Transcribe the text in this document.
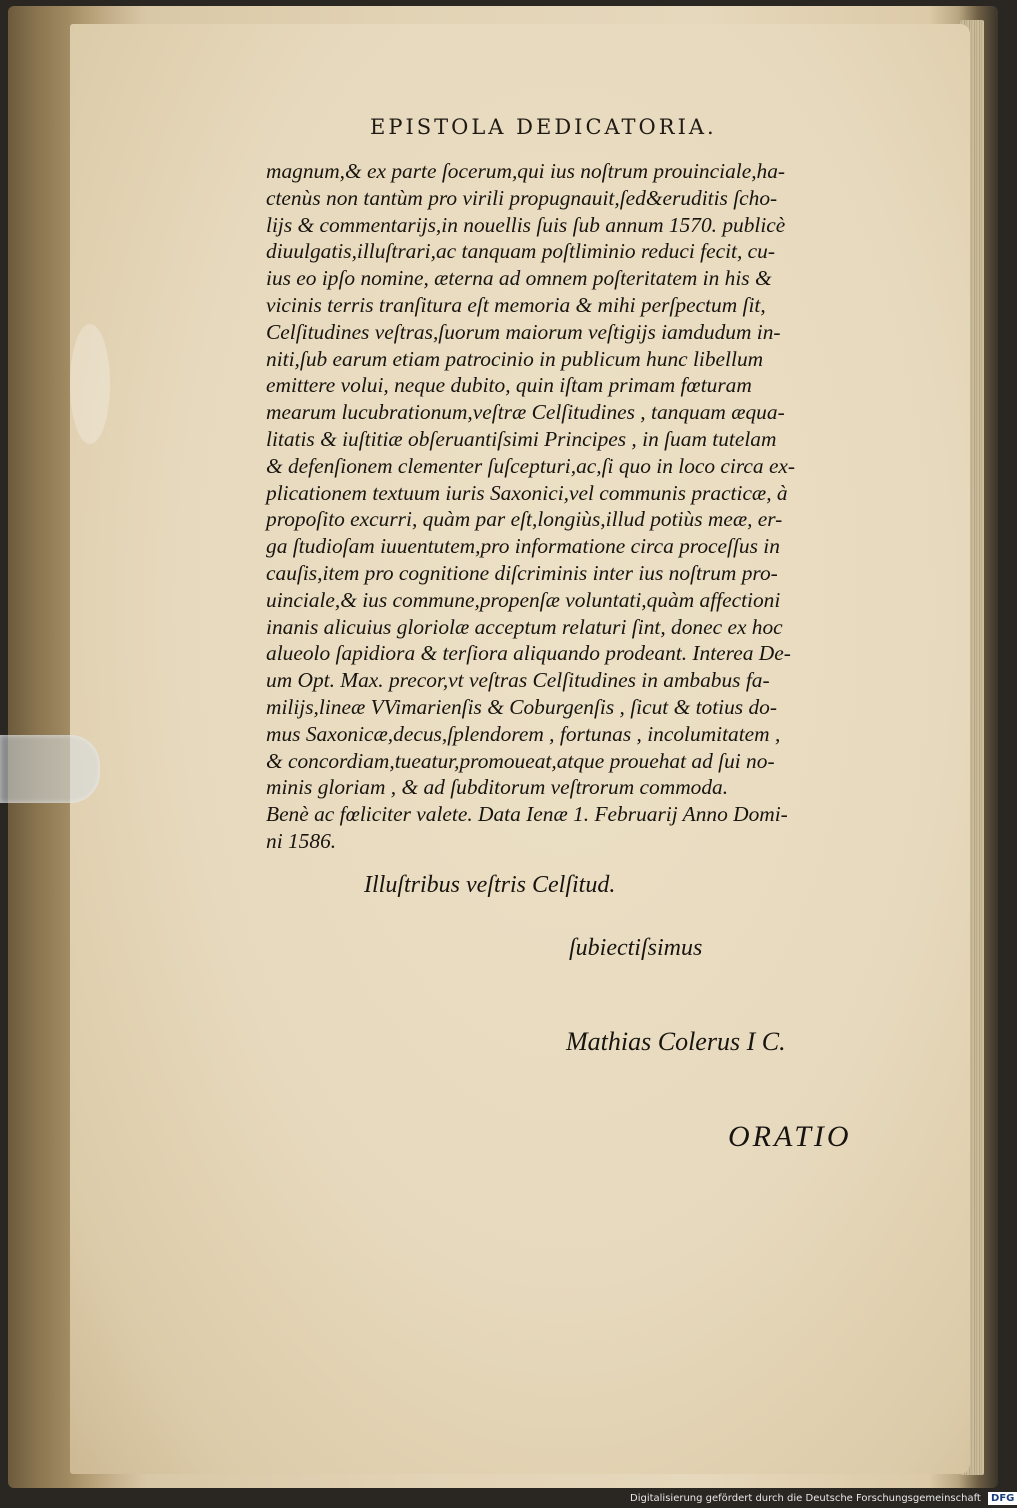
EPISTOLA DEDICATORIA.
magnum,& ex parte ſocerum,qui ius noſtrum prouinciale,ha-
ctenùs non tantùm pro virili propugnauit,ſed&eruditis ſcho-
lijs & commentarijs,in nouellis ſuis ſub annum 1570. publicè
diuulgatis,illuſtrari,ac tanquam poſtliminio reduci fecit, cu-
ius eo ipſo nomine, æterna ad omnem poſteritatem in his &
vicinis terris tranſitura eſt memoria & mihi perſpectum ſit,
Celſitudines veſtras,ſuorum maiorum veſtigijs iamdudum in-
niti,ſub earum etiam patrocinio in publicum hunc libellum
emittere volui, neque dubito, quin iſtam primam fœturam
mearum lucubrationum,veſtræ Celſitudines , tanquam æqua-
litatis & iuſtitiæ obſeruantiſsimi Principes , in ſuam tutelam
& defenſionem clementer ſuſcepturi,ac,ſi quo in loco circa ex-
plicationem textuum iuris Saxonici,vel communis practicæ, à
propoſito excurri, quàm par eſt,longiùs,illud potiùs meæ, er-
ga ſtudioſam iuuentutem,pro informatione circa proceſſus in
cauſis,item pro cognitione diſcriminis inter ius noſtrum pro-
uinciale,& ius commune,propenſæ voluntati,quàm affectioni
inanis alicuius gloriolæ acceptum relaturi ſint, donec ex hoc
alueolo ſapidiora & terſiora aliquando prodeant. Interea De-
um Opt. Max. precor,vt veſtras Celſitudines in ambabus fa-
milijs,lineæ VVimarienſis & Coburgenſis , ſicut & totius do-
mus Saxonicæ,decus,ſplendorem , fortunas , incolumitatem ,
& concordiam,tueatur,promoueat,atque prouehat ad ſui no-
minis gloriam , & ad ſubditorum veſtrorum commoda.
Benè ac fœliciter valete. Data Ienæ 1. Februarij Anno Domi-
ni 1586.
Illuſtribus veſtris Celſitud.
ſubiectiſsimus
Mathias Colerus I C.
ORATIO
Digitalisierung gefördert durch die Deutsche Forschungsgemeinschaft DFG
